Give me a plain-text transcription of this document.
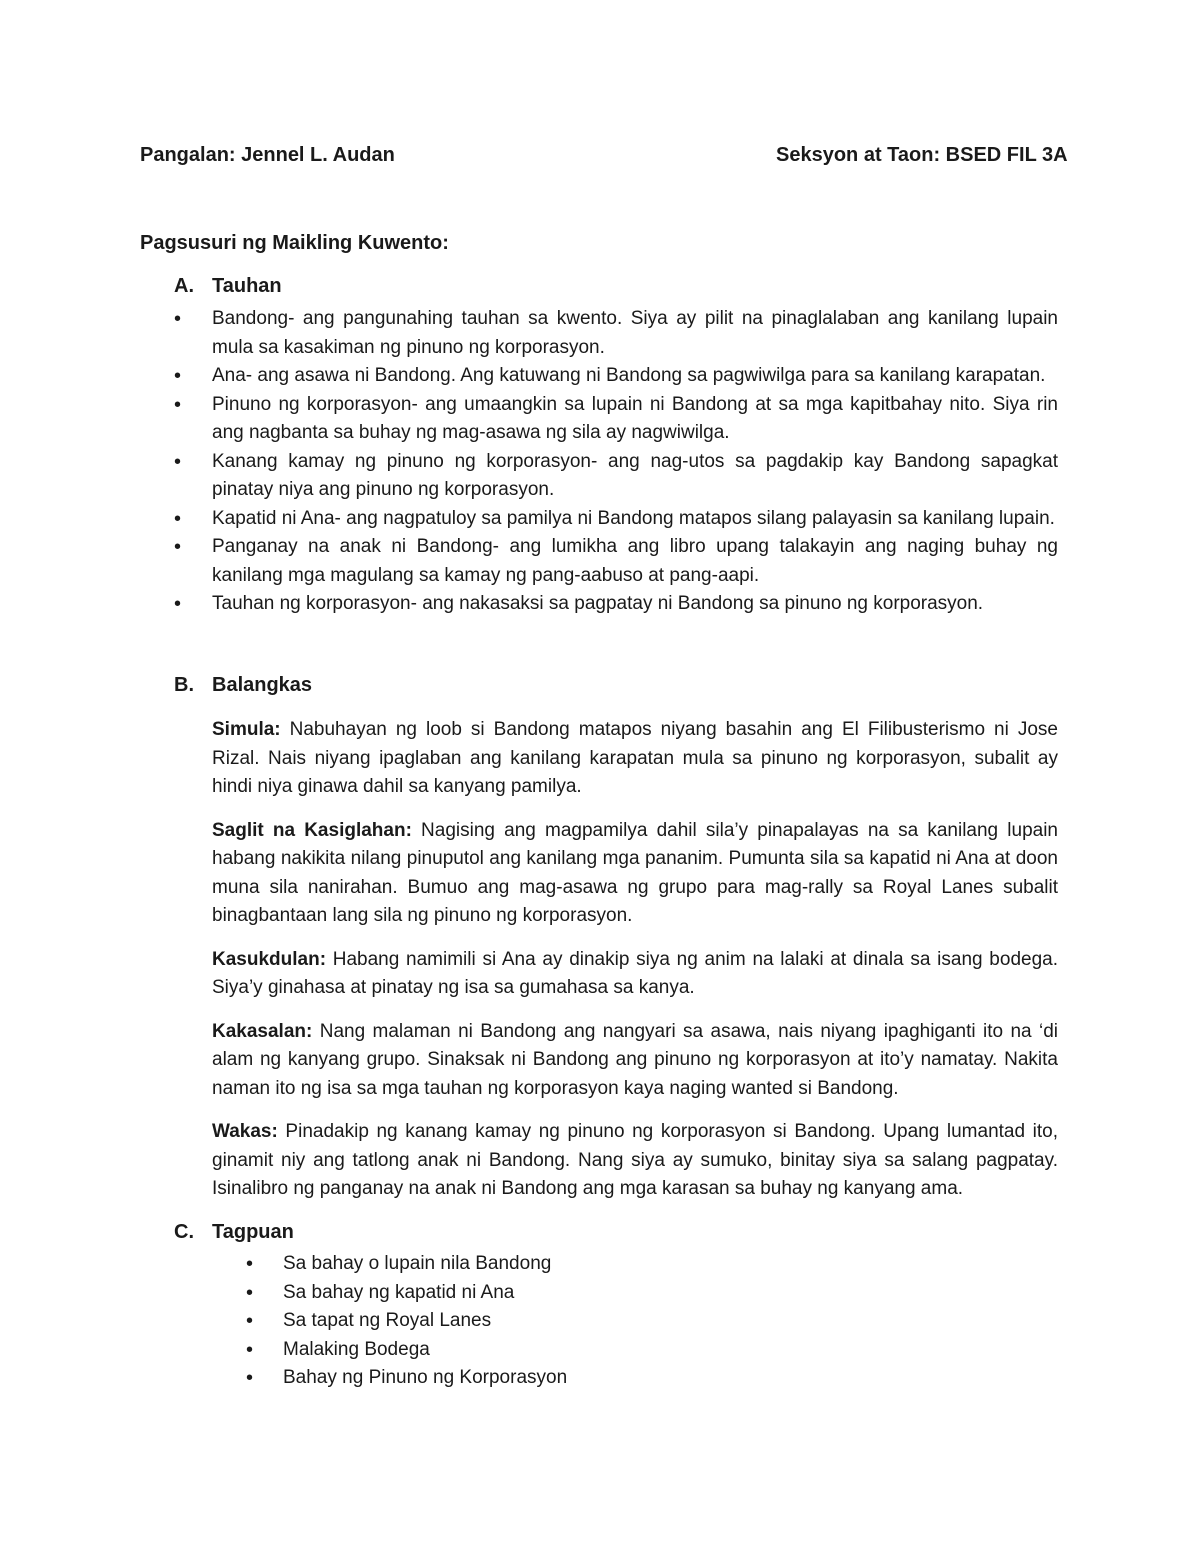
Pangalan: Jennel L. Audan	Seksyon at Taon: BSED FIL 3A
Pagsusuri ng Maikling Kuwento:
A. Tauhan
• Bandong- ang pangunahing tauhan sa kwento. Siya ay pilit na pinaglalaban ang kanilang lupain mula sa kasakiman ng pinuno ng korporasyon.
• Ana- ang asawa ni Bandong. Ang katuwang ni Bandong sa pagwiwilga para sa kanilang karapatan.
• Pinuno ng korporasyon- ang umaangkin sa lupain ni Bandong at sa mga kapitbahay nito. Siya rin ang nagbanta sa buhay ng mag-asawa ng sila ay nagwiwilga.
• Kanang kamay ng pinuno ng korporasyon- ang nag-utos sa pagdakip kay Bandong sapagkat pinatay niya ang pinuno ng korporasyon.
• Kapatid ni Ana- ang nagpatuloy sa pamilya ni Bandong matapos silang palayasin sa kanilang lupain.
• Panganay na anak ni Bandong- ang lumikha ang libro upang talakayin ang naging buhay ng kanilang mga magulang sa kamay ng pang-aabuso at pang-aapi.
• Tauhan ng korporasyon- ang nakasaksi sa pagpatay ni Bandong sa pinuno ng korporasyon.
B. Balangkas

Simula: Nabuhayan ng loob si Bandong matapos niyang basahin ang El Filibusterismo ni Jose Rizal. Nais niyang ipaglaban ang kanilang karapatan mula sa pinuno ng korporasyon, subalit ay hindi niya ginawa dahil sa kanyang pamilya.

Saglit na Kasiglahan: Nagising ang magpamilya dahil sila’y pinapalayas na sa kanilang lupain habang nakikita nilang pinuputol ang kanilang mga pananim. Pumunta sila sa kapatid ni Ana at doon muna sila nanirahan. Bumuo ang mag-asawa ng grupo para mag-rally sa Royal Lanes subalit binagbantaan lang sila ng pinuno ng korporasyon.

Kasukdulan: Habang namimili si Ana ay dinakip siya ng anim na lalaki at dinala sa isang bodega. Siya’y ginahasa at pinatay ng isa sa gumahasa sa kanya.

Kakasalan: Nang malaman ni Bandong ang nangyari sa asawa, nais niyang ipaghiganti ito na ‘di alam ng kanyang grupo. Sinaksak ni Bandong ang pinuno ng korporasyon at ito’y namatay. Nakita naman ito ng isa sa mga tauhan ng korporasyon kaya naging wanted si Bandong.

Wakas: Pinadakip ng kanang kamay ng pinuno ng korporasyon si Bandong. Upang lumantad ito, ginamit niy ang tatlong anak ni Bandong. Nang siya ay sumuko, binitay siya sa salang pagpatay. Isinalibro ng panganay na anak ni Bandong ang mga karasan sa buhay ng kanyang ama.

C. Tagpuan
• Sa bahay o lupain nila Bandong
• Sa bahay ng kapatid ni Ana
• Sa tapat ng Royal Lanes
• Malaking Bodega
• Bahay ng Pinuno ng Korporasyon
